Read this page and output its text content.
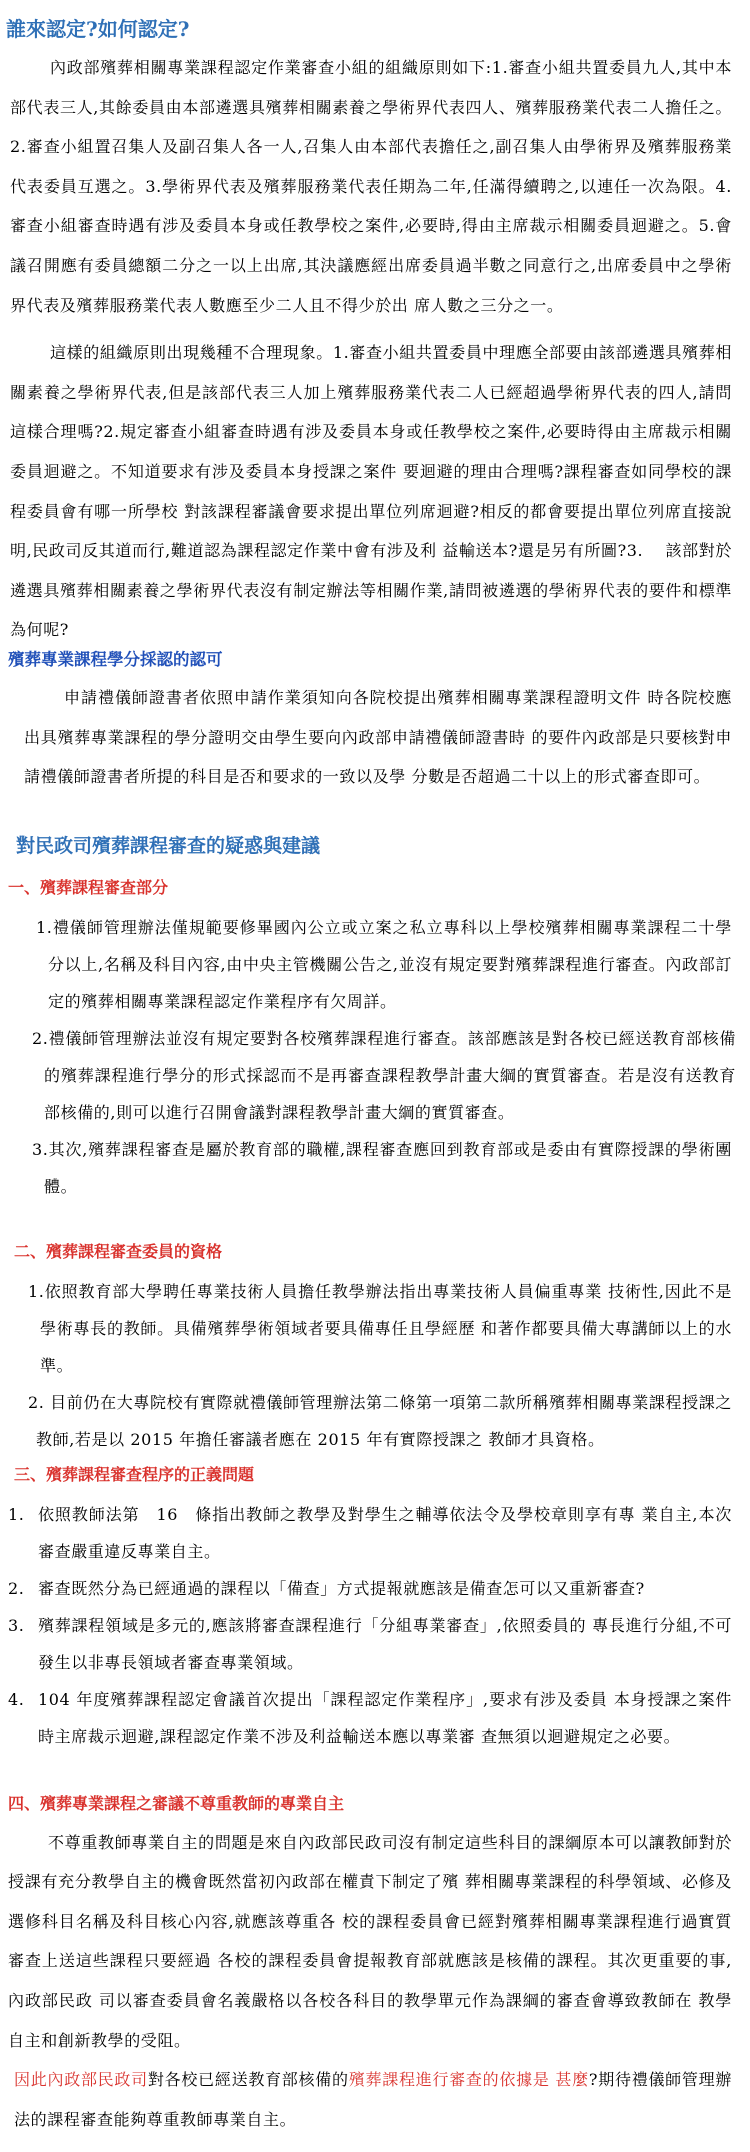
誰來認定?如何認定?

內政部殯葬相關專業課程認定作業審查小組的組織原則如下:1.審查小組共置委員九人,其中本部代表三人,其餘委員由本部遴選具殯葬相關素養之學術界代表四人、殯葬服務業代表二人擔任之。2.審查小組置召集人及副召集人各一人,召集人由本部代表擔任之,副召集人由學術界及殯葬服務業代表委員互選之。3.學術界代表及殯葬服務業代表任期為二年,任滿得續聘之,以連任一次為限。4.審查小組審查時遇有涉及委員本身或任教學校之案件,必要時,得由主席裁示相關委員迴避之。5.會議召開應有委員總額二分之一以上出席,其決議應經出席委員過半數之同意行之,出席委員中之學術界代表及殯葬服務業代表人數應至少二人且不得少於出 席人數之三分之一。

這樣的組織原則出現幾種不合理現象。1.審查小組共置委員中理應全部要由該部遴選具殯葬相關素養之學術界代表,但是該部代表三人加上殯葬服務業代表二人已經超過學術界代表的四人,請問這樣合理嗎?2.規定審查小組審查時遇有涉及委員本身或任教學校之案件,必要時得由主席裁示相關委員迴避之。不知道要求有涉及委員本身授課之案件 要迴避的理由合理嗎?課程審查如同學校的課程委員會有哪一所學校 對該課程審議會要求提出單位列席迴避?相反的都會要提出單位列席直接說明,民政司反其道而行,難道認為課程認定作業中會有涉及利 益輸送本?還是另有所圖?3.　 該部對於遴選具殯葬相關素養之學術界代表沒有制定辦法等相關作業,請問被遴選的學術界代表的要件和標準為何呢?

殯葬專業課程學分採認的認可

申請禮儀師證書者依照申請作業須知向各院校提出殯葬相關專業課程證明文件 時各院校應出具殯葬專業課程的學分證明交由學生要向內政部申請禮儀師證書時 的要件內政部是只要核對申請禮儀師證書者所提的科目是否和要求的一致以及學 分數是否超過二十以上的形式審查即可。

對民政司殯葬課程審查的疑惑與建議
一、殯葬課程審查部分

1.禮儀師管理辦法僅規範要修畢國內公立或立案之私立專科以上學校殯葬相關專業課程二十學分以上,名稱及科目內容,由中央主管機關公告之,並沒有規定要對殯葬課程進行審查。內政部訂定的殯葬相關專業課程認定作業程序有欠周詳。

2.禮儀師管理辦法並沒有規定要對各校殯葬課程進行審查。該部應該是對各校已經送教育部核備的殯葬課程進行學分的形式採認而不是再審查課程教學計畫大綱的實質審查。若是沒有送教育部核備的,則可以進行召開會議對課程教學計畫大綱的實質審查。

3.其次,殯葬課程審查是屬於教育部的職權,課程審查應回到教育部或是委由有實際授課的學術團體。

二、殯葬課程審查委員的資格

1.依照教育部大學聘任專業技術人員擔任教學辦法指出專業技術人員偏重專業 技術性,因此不是學術專長的教師。具備殯葬學術領域者要具備專任且學經歷 和著作都要具備大專講師以上的水準。

2. 目前仍在大專院校有實際就禮儀師管理辦法第二條第一項第二款所稱殯葬相關專業課程授課之教師,若是以 2015 年擔任審議者應在 2015 年有實際授課之 教師才具資格。

三、殯葬課程審查程序的正義問題
1. 依照教師法第　16　條指出教師之教學及對學生之輔導依法令及學校章則享有專 業自主,本次審查嚴重違反專業自主。
2. 審查既然分為已經通過的課程以「備查」方式提報就應該是備查怎可以又重新審查?
3. 殯葬課程領域是多元的,應該將審查課程進行「分組專業審查」,依照委員的 專長進行分組,不可發生以非專長領域者審查專業領域。
4. 104 年度殯葬課程認定會議首次提出「課程認定作業程序」,要求有涉及委員 本身授課之案件時主席裁示迴避,課程認定作業不涉及利益輸送本應以專業審 查無須以迴避規定之必要。
四、殯葬專業課程之審議不尊重教師的專業自主

不尊重教師專業自主的問題是來自內政部民政司沒有制定這些科目的課綱原本可以讓教師對於授課有充分教學自主的機會既然當初內政部在權責下制定了殯 葬相關專業課程的科學領域、必修及選修科目名稱及科目核心內容,就應該尊重各 校的課程委員會已經對殯葬相關專業課程進行過實質審查上送這些課程只要經過 各校的課程委員會提報教育部就應該是核備的課程。其次更重要的事,內政部民政 司以審查委員會名義嚴格以各校各科目的教學單元作為課綱的審查會導致教師在 教學自主和創新教學的受阻。

因此內政部民政司對各校已經送教育部核備的殯葬課程進行審查的依據是 甚麼?期待禮儀師管理辦法的課程審查能夠尊重教師專業自主。
